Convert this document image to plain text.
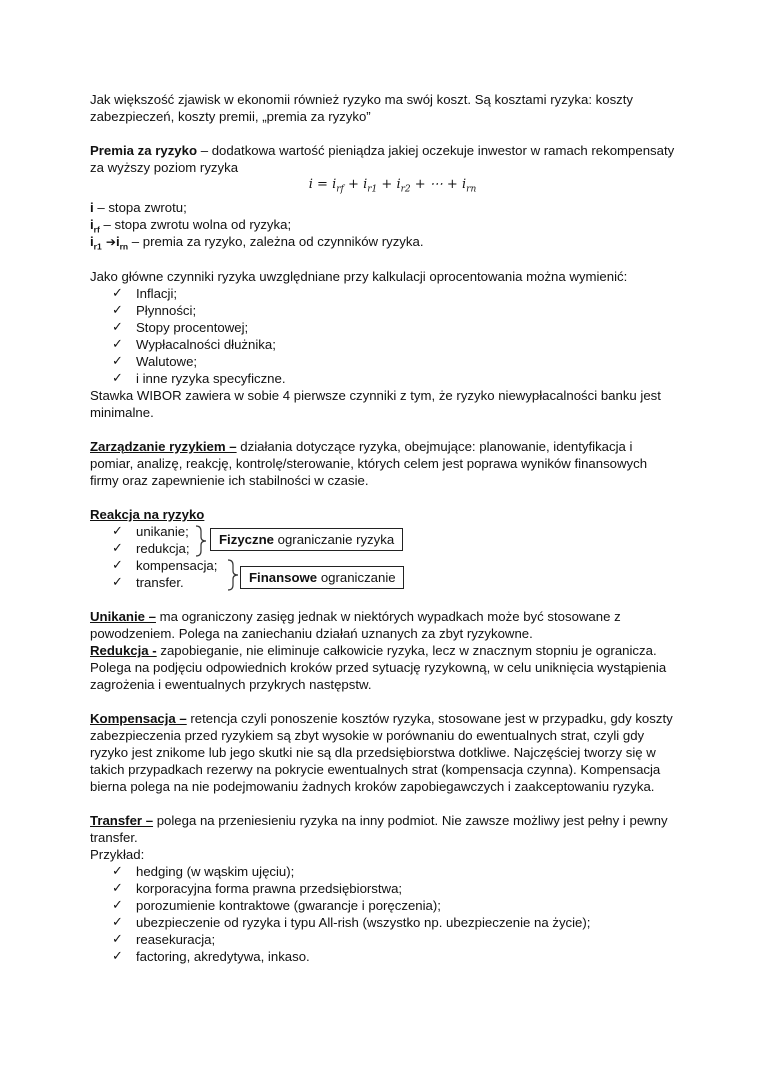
Jak większość zjawisk w ekonomii również ryzyko ma swój koszt. Są kosztami ryzyka: koszty zabezpieczeń, koszty premii, „premia za ryzyko”

Premia za ryzyko – dodatkowa wartość pieniądza jakiej oczekuje inwestor w ramach rekompensaty za wyższy poziom ryzyka

$i = i_{rf} + i_{r1} + i_{r2}$ + ⋯ + $i_{rn}$

i – stopa zwrotu;

$i_{rf}$ – stopa zwrotu wolna od ryzyka;

$i_{r1}$ $➔i_{rn}$ – premia za ryzyko, zależna od czynników ryzyka.

Jako główne czynniki ryzyka uwzględniane przy kalkulacji oprocentowania można wymienić:

✓ Inflacji;
✓ Płynności;
✓ Stopy procentowej;
✓ Wypłacalności dłużnika;
✓ Walutowe;
✓ i inne ryzyka specyficzne.

Stawka WIBOR zawiera w sobie 4 pierwsze czynniki z tym, że ryzyko niewypłacalności banku jest minimalne.

Zarządzanie ryzykiem – działania dotyczące ryzyka, obejmujące: planowanie, identyfikacja i pomiar, analizę, reakcję, kontrolę/sterowanie, których celem jest poprawa wyników finansowych firmy oraz zapewnienie ich stabilności w czasie.

Reakcja na ryzyko

✓ unikanie;
✓ redukcja;
✓ kompensacja;
✓ transfer.
Fizyczne ograniczanie ryzyka
Finansowe ograniczanie

Unikanie – ma ograniczony zasięg jednak w niektórych wypadkach może być stosowane z powodzeniem. Polega na zaniechaniu działań uznanych za zbyt ryzykowne.

Redukcja - zapobieganie, nie eliminuje całkowicie ryzyka, lecz w znacznym stopniu je ogranicza. Polega na podjęciu odpowiednich kroków przed sytuację ryzykowną, w celu uniknięcia wystąpienia zagrożenia i ewentualnych przykrych następstw.

Kompensacja – retencja czyli ponoszenie kosztów ryzyka, stosowane jest w przypadku, gdy koszty zabezpieczenia przed ryzykiem są zbyt wysokie w porównaniu do ewentualnych strat, czyli gdy ryzyko jest znikome lub jego skutki nie są dla przedsiębiorstwa dotkliwe. Najczęściej tworzy się w takich przypadkach rezerwy na pokrycie ewentualnych strat (kompensacja czynna). Kompensacja bierna polega na nie podejmowaniu żadnych kroków zapobiegawczych i zaakceptowaniu ryzyka.

Transfer – polega na przeniesieniu ryzyka na inny podmiot. Nie zawsze możliwy jest pełny i pewny transfer.

Przykład:

✓ hedging (w wąskim ujęciu);
✓ korporacyjna forma prawna przedsiębiorstwa;
✓ porozumienie kontraktowe (gwarancje i poręczenia);
✓ ubezpieczenie od ryzyka i typu All-rish (wszystko np. ubezpieczenie na życie);
✓ reasekuracja;
✓ factoring, akredytywa, inkaso.
